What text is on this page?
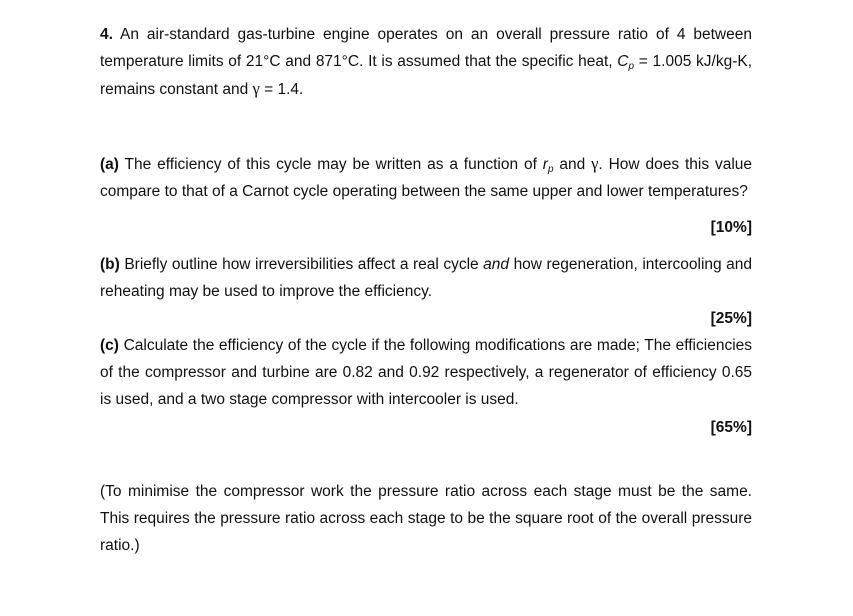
4. An air-standard gas-turbine engine operates on an overall pressure ratio of 4 between temperature limits of 21°C and 871°C. It is assumed that the specific heat, $C_p = 1.005$ kJ/kg-K, remains constant and γ = 1.4.

(a) The efficiency of this cycle may be written as a function of $r_p$ and γ. How does this value compare to that of a Carnot cycle operating between the same upper and lower temperatures?

[10%]

(b) Briefly outline how irreversibilities affect a real cycle and how regeneration, intercooling and reheating may be used to improve the efficiency.

[25%]

(c) Calculate the efficiency of the cycle if the following modifications are made; The efficiencies of the compressor and turbine are 0.82 and 0.92 respectively, a regenerator of efficiency 0.65 is used, and a two stage compressor with intercooler is used.

[65%]

(To minimise the compressor work the pressure ratio across each stage must be the same. This requires the pressure ratio across each stage to be the square root of the overall pressure ratio.)
